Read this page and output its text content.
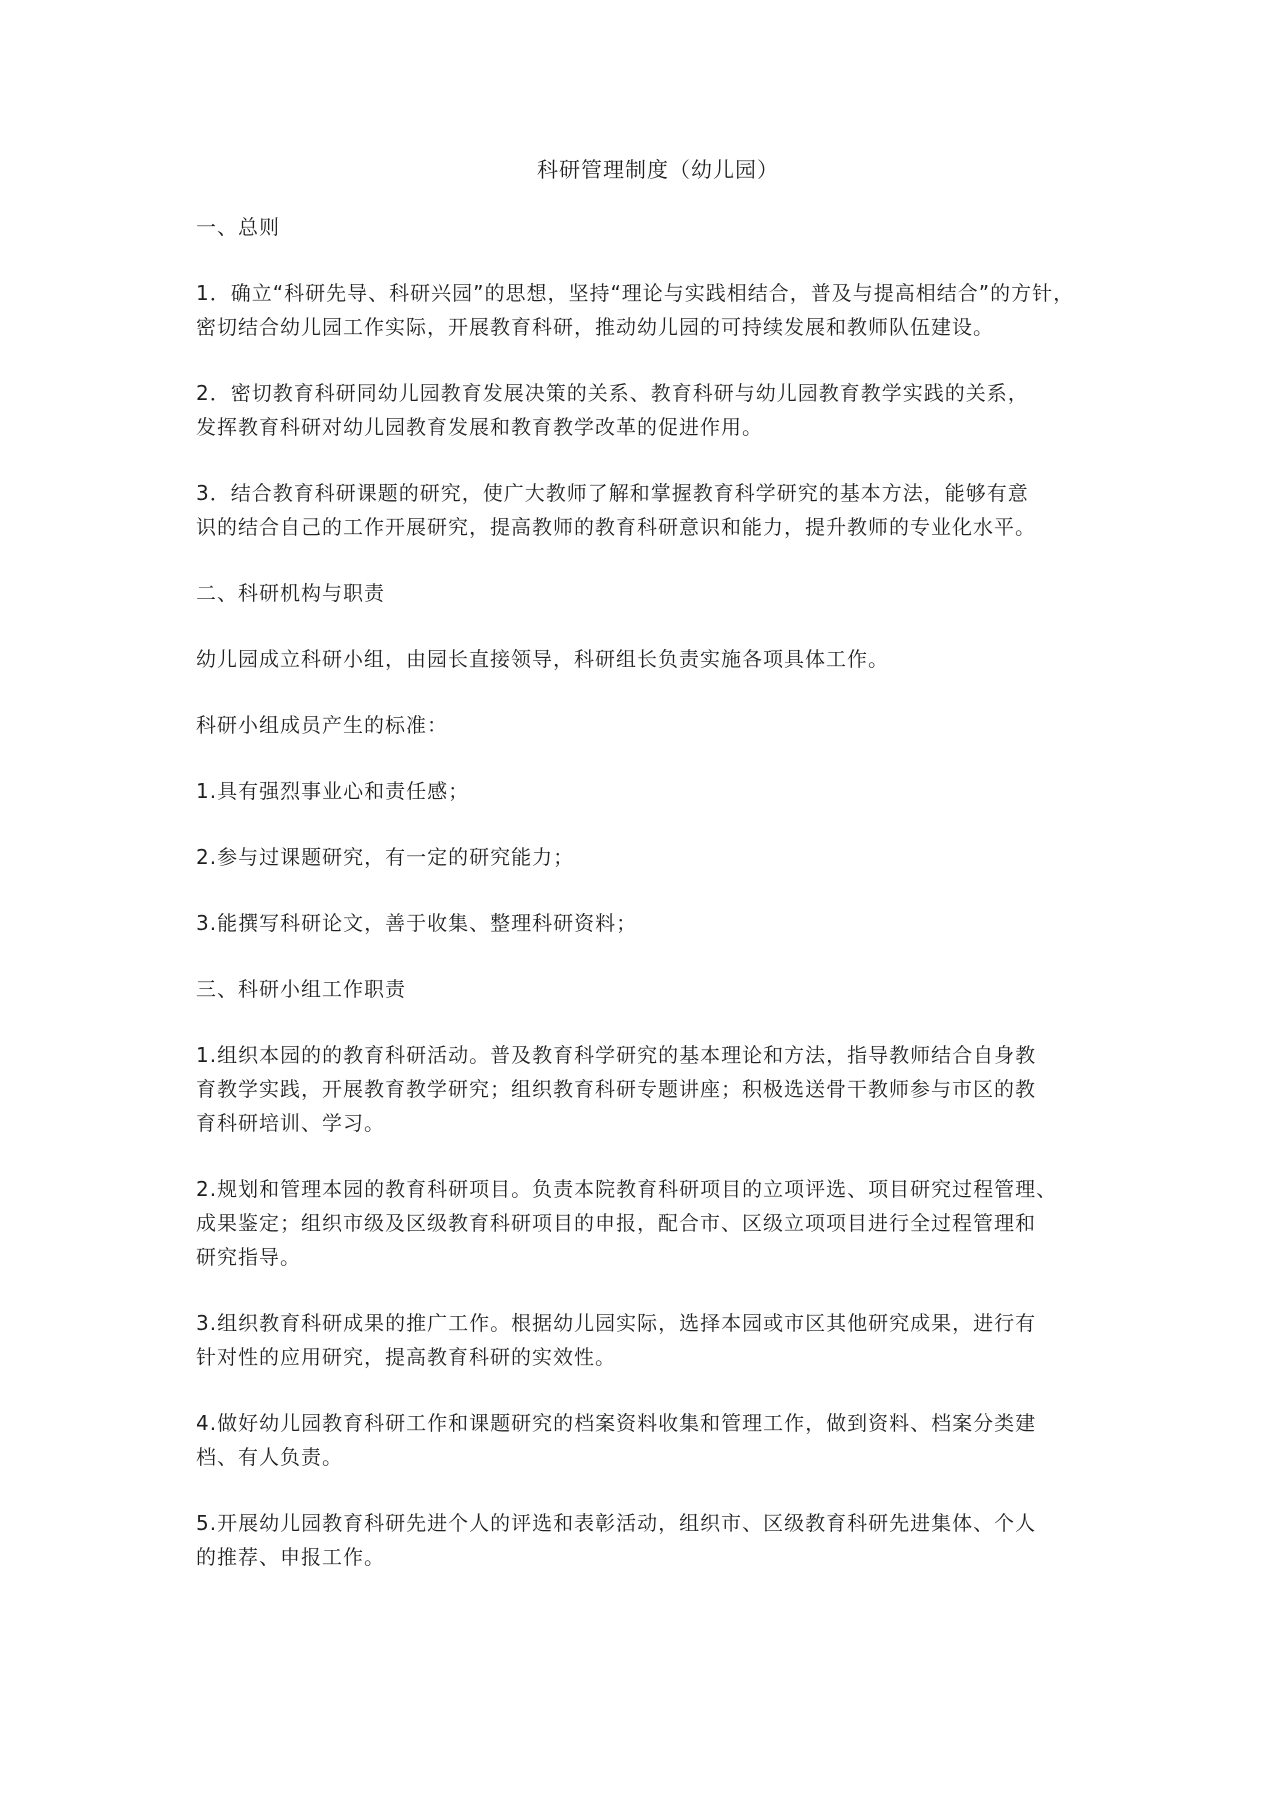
科研管理制度（幼儿园）
一、总则
1．确立“科研先导、科研兴园”的思想，坚持“理论与实践相结合，普及与提高相结合”的方针，
密切结合幼儿园工作实际，开展教育科研，推动幼儿园的可持续发展和教师队伍建设。
2．密切教育科研同幼儿园教育发展决策的关系、教育科研与幼儿园教育教学实践的关系，
发挥教育科研对幼儿园教育发展和教育教学改革的促进作用。
3．结合教育科研课题的研究，使广大教师了解和掌握教育科学研究的基本方法，能够有意
识的结合自己的工作开展研究，提高教师的教育科研意识和能力，提升教师的专业化水平。
二、科研机构与职责
幼儿园成立科研小组，由园长直接领导，科研组长负责实施各项具体工作。
科研小组成员产生的标准：
1.具有强烈事业心和责任感；
2.参与过课题研究，有一定的研究能力；
3.能撰写科研论文，善于收集、整理科研资料；
三、科研小组工作职责
1.组织本园的的教育科研活动。普及教育科学研究的基本理论和方法，指导教师结合自身教
育教学实践，开展教育教学研究；组织教育科研专题讲座；积极选送骨干教师参与市区的教
育科研培训、学习。
2.规划和管理本园的教育科研项目。负责本院教育科研项目的立项评选、项目研究过程管理、
成果鉴定；组织市级及区级教育科研项目的申报，配合市、区级立项项目进行全过程管理和
研究指导。
3.组织教育科研成果的推广工作。根据幼儿园实际，选择本园或市区其他研究成果，进行有
针对性的应用研究，提高教育科研的实效性。
4.做好幼儿园教育科研工作和课题研究的档案资料收集和管理工作，做到资料、档案分类建
档、有人负责。
5.开展幼儿园教育科研先进个人的评选和表彰活动，组织市、区级教育科研先进集体、个人
的推荐、申报工作。
